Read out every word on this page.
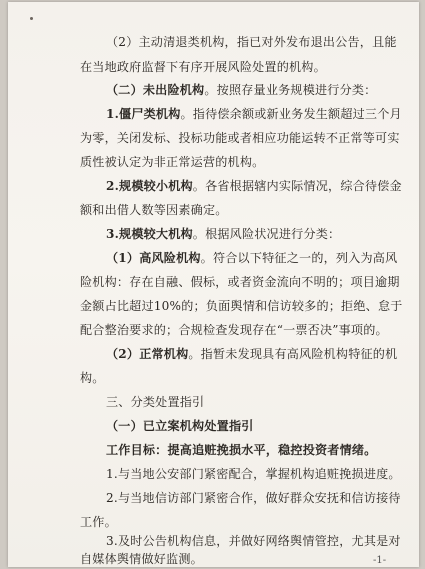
（2）主动清退类机构，指已对外发布退出公告，且能
在当地政府监督下有序开展风险处置的机构。
（二）未出险机构。按照存量业务规模进行分类：
1.僵尸类机构。指待偿余额或新业务发生额超过三个月
为零，关闭发标、投标功能或者相应功能运转不正常等可实
质性被认定为非正常运营的机构。
2.规模较小机构。各省根据辖内实际情况，综合待偿金
额和出借人数等因素确定。
3.规模较大机构。根据风险状况进行分类：
（1）高风险机构。符合以下特征之一的，列入为高风
险机构：存在自融、假标，或者资金流向不明的；项目逾期
金额占比超过10%的；负面舆情和信访较多的；拒绝、怠于
配合整治要求的；合规检查发现存在“一票否决”事项的。
（2）正常机构。指暂未发现具有高风险机构特征的机
构。
三、分类处置指引
（一）已立案机构处置指引
工作目标：提高追赃挽损水平，稳控投资者情绪。
1.与当地公安部门紧密配合，掌握机构追赃挽损进度。
2.与当地信访部门紧密合作，做好群众安抚和信访接待
工作。
3.及时公告机构信息，并做好网络舆情管控，尤其是对
自媒体舆情做好监测。	-1-
